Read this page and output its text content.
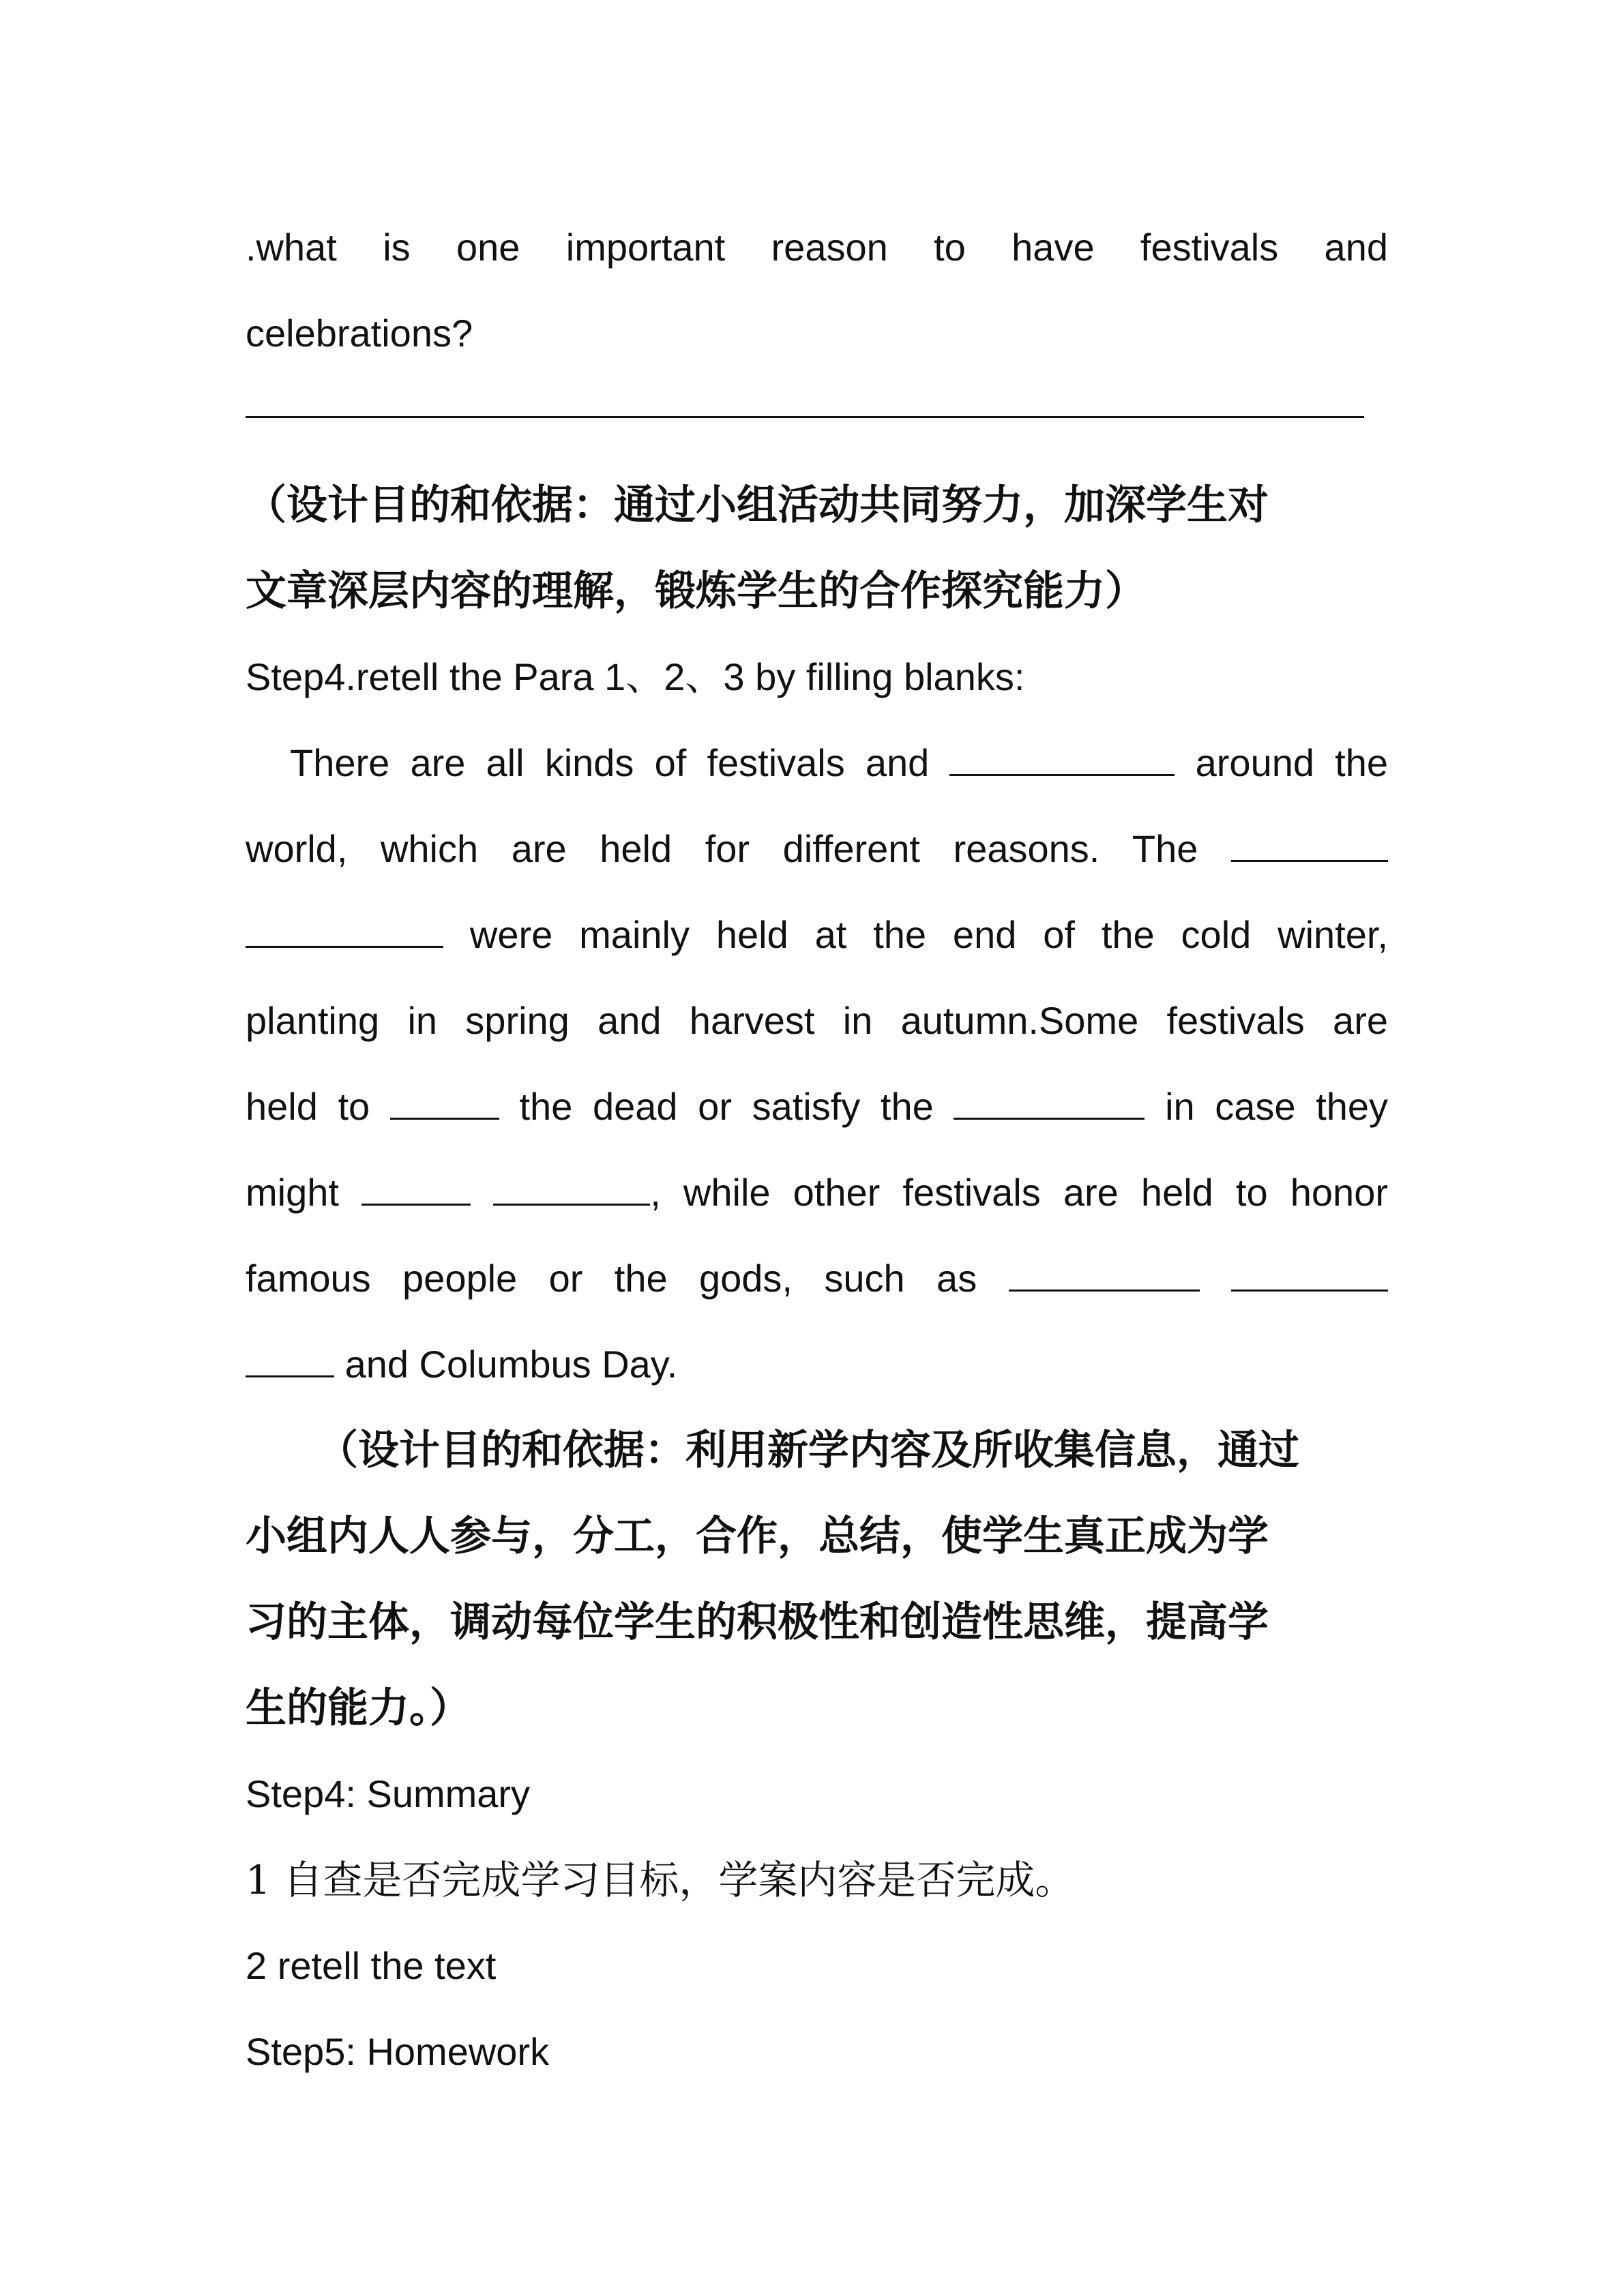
.what is one important reason to have festivals and
celebrations?
（设计目的和依据：通过小组活动共同努力，加深学生对
文章深层内容的理解，锻炼学生的合作探究能力）
Step4.retell the Para 1、2、3 by filling blanks:
There are all kinds of festivals and	around the
world, which are held for different reasons. The
were mainly held at the end of the cold winter,
planting in spring and harvest in autumn.Some festivals are
held to	the dead or satisfy the	in case they
might	, while other festivals are held to honor
famous people or the gods, such as
and Columbus Day.
（设计目的和依据：利用新学内容及所收集信息，通过
小组内人人参与，分工，合作，总结，使学生真正成为学
习的主体，调动每位学生的积极性和创造性思维，提高学
生的能力。）
Step4: Summary
1 自查是否完成学习目标，学案内容是否完成。
2 retell the text
Step5: Homework
